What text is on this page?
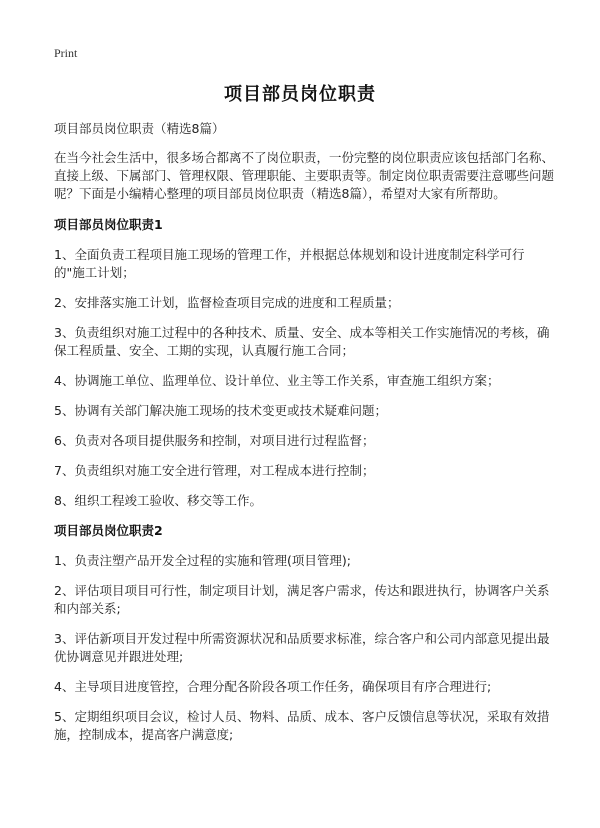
Print
项目部员岗位职责

项目部员岗位职责（精选8篇）

在当今社会生活中，很多场合都离不了岗位职责，一份完整的岗位职责应该包括部门名称、直接上级、下属部门、管理权限、管理职能、主要职责等。制定岗位职责需要注意哪些问题呢？下面是小编精心整理的项目部员岗位职责（精选8篇），希望对大家有所帮助。

项目部员岗位职责1

1、全面负责工程项目施工现场的管理工作，并根据总体规划和设计进度制定科学可行的"施工计划；

2、安排落实施工计划，监督检查项目完成的进度和工程质量；

3、负责组织对施工过程中的各种技术、质量、安全、成本等相关工作实施情况的考核，确保工程质量、安全、工期的实现，认真履行施工合同；

4、协调施工单位、监理单位、设计单位、业主等工作关系，审查施工组织方案；

5、协调有关部门解决施工现场的技术变更或技术疑难问题；

6、负责对各项目提供服务和控制，对项目进行过程监督；

7、负责组织对施工安全进行管理，对工程成本进行控制；

8、组织工程竣工验收、移交等工作。

项目部员岗位职责2

1、负责注塑产品开发全过程的实施和管理(项目管理);

2、评估项目项目可行性，制定项目计划，满足客户需求，传达和跟进执行，协调客户关系和内部关系;

3、评估新项目开发过程中所需资源状况和品质要求标准，综合客户和公司内部意见提出最优协调意见并跟进处理;

4、主导项目进度管控，合理分配各阶段各项工作任务，确保项目有序合理进行;

5、定期组织项目会议，检讨人员、物料、品质、成本、客户反馈信息等状况，采取有效措施，控制成本，提高客户满意度;
